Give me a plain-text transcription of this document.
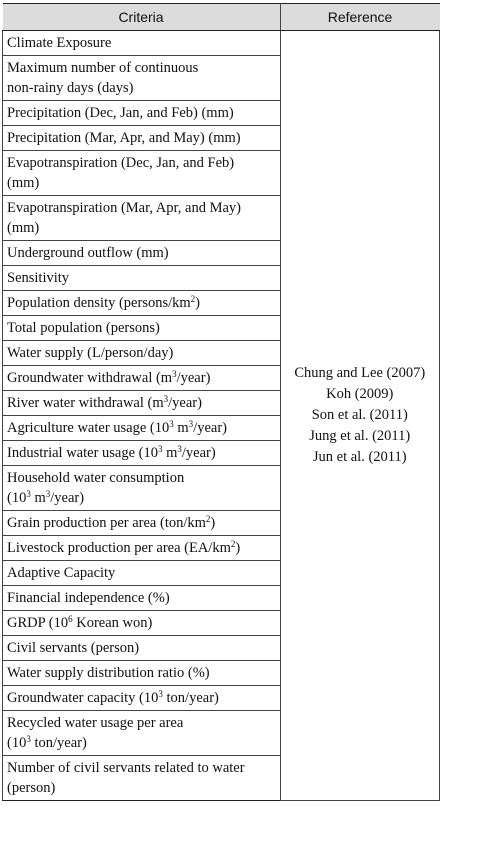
Criteria	Reference
Climate Exposure	Chung and Lee (2007)
Koh (2009)
Son et al. (2011)
Jung et al. (2011)
Jun et al. (2011)

Maximum number of continuous
non-rainy days (days)	
Precipitation (Dec, Jan, and Feb) (mm)	
Precipitation (Mar, Apr, and May) (mm)	
Evapotranspiration (Dec, Jan, and Feb)
(mm)	
Evapotranspiration (Mar, Apr, and May)
(mm)	
Underground outflow (mm)	
Sensitivity	
Population density $(persons/km^2)$	
Total population (persons)	
Water supply (L/person/day)	
Groundwater withdrawal $(m^3/year)$	
River water withdrawal $(m^3/year)$	
Agriculture water usage ($10^3$ $m^3/year$)	
Industrial water usage ($10^3$ $m^3/year$)	
Household water consumption
($10^3$ $m^3/year$)	
Grain production per area $(ton/km^2)$	
Livestock production per area $(EA/km^2)$	
Adaptive Capacity	
Financial independence (%)	
GRDP ($10^6$ Korean won)	
Civil servants (person)	
Water supply distribution ratio (%)	
Groundwater capacity ($10^3$ ton/year)	
Recycled water usage per area
($10^3$ ton/year)	
Number of civil servants related to water
(person)	
